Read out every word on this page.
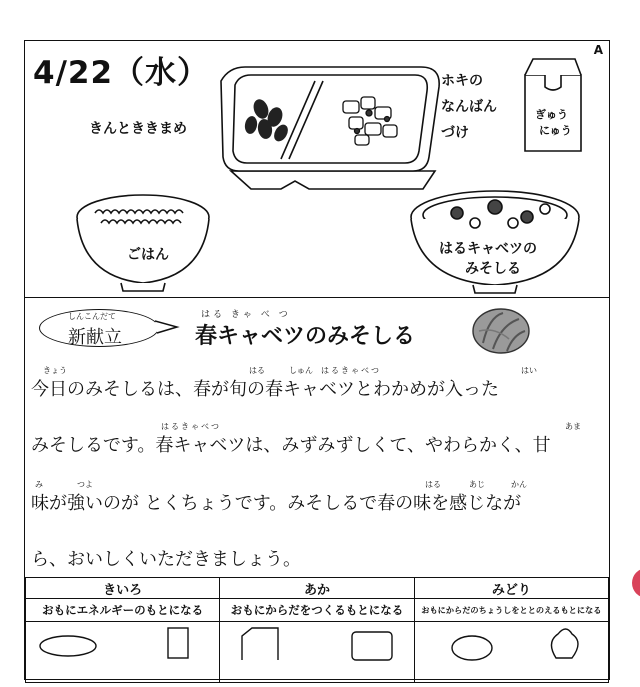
4/22（水）
A
きんとききまめ
ホキの
なんばん
づけ
ぎゅう
にゅう
ごはん	はるキャベツの
みそしる
しんこんだて
新献立
はる きゃ べ つ
春キャベツのみそしる
きょう	はる	しゅん はるきゃべつ	はい
今日のみそしるは、春が旬の春キャベツとわかめが入った
はるきゃべつ	あま
みそしるです。春キャベツは、みずみずしくて、やわらかく、甘
み	つよ	はる	あじ	かん
味が強いのが とくちょうです。みそしるで春の味を感じなが
ら、おいしくいただきましょう。
きいろ	あか	みどり
おもにエネルギーのもとになる	おもにからだをつくるもとになる	おもにからだのちょうしをととのえるもとになる
